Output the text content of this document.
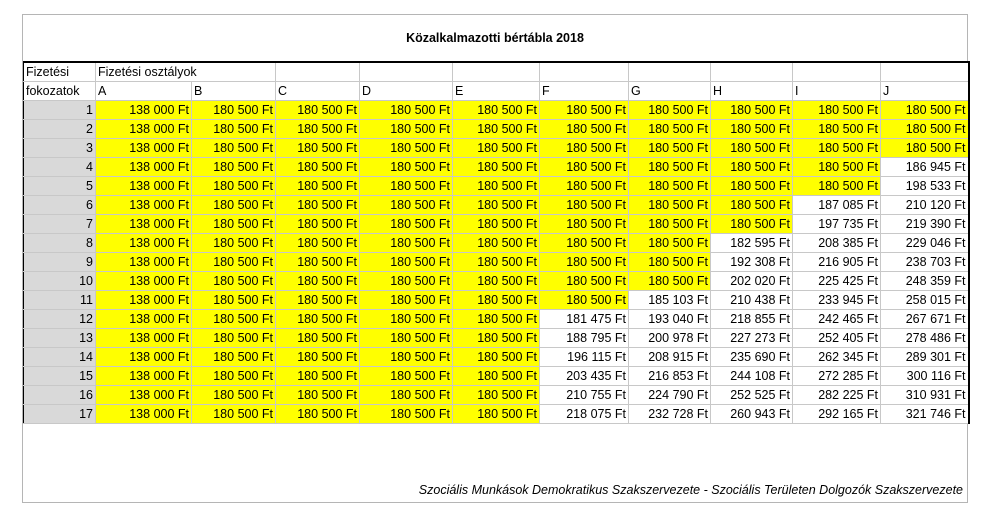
Közalkalmazotti bértábla 2018
Fizetési	Fizetési osztályok									
fokozatok	A	B	C	D	E	F	G	H	I	J
1	138 000 Ft	180 500 Ft	180 500 Ft	180 500 Ft	180 500 Ft	180 500 Ft	180 500 Ft	180 500 Ft	180 500 Ft	180 500 Ft
2	138 000 Ft	180 500 Ft	180 500 Ft	180 500 Ft	180 500 Ft	180 500 Ft	180 500 Ft	180 500 Ft	180 500 Ft	180 500 Ft
3	138 000 Ft	180 500 Ft	180 500 Ft	180 500 Ft	180 500 Ft	180 500 Ft	180 500 Ft	180 500 Ft	180 500 Ft	180 500 Ft
4	138 000 Ft	180 500 Ft	180 500 Ft	180 500 Ft	180 500 Ft	180 500 Ft	180 500 Ft	180 500 Ft	180 500 Ft	186 945 Ft
5	138 000 Ft	180 500 Ft	180 500 Ft	180 500 Ft	180 500 Ft	180 500 Ft	180 500 Ft	180 500 Ft	180 500 Ft	198 533 Ft
6	138 000 Ft	180 500 Ft	180 500 Ft	180 500 Ft	180 500 Ft	180 500 Ft	180 500 Ft	180 500 Ft	187 085 Ft	210 120 Ft
7	138 000 Ft	180 500 Ft	180 500 Ft	180 500 Ft	180 500 Ft	180 500 Ft	180 500 Ft	180 500 Ft	197 735 Ft	219 390 Ft
8	138 000 Ft	180 500 Ft	180 500 Ft	180 500 Ft	180 500 Ft	180 500 Ft	180 500 Ft	182 595 Ft	208 385 Ft	229 046 Ft
9	138 000 Ft	180 500 Ft	180 500 Ft	180 500 Ft	180 500 Ft	180 500 Ft	180 500 Ft	192 308 Ft	216 905 Ft	238 703 Ft
10	138 000 Ft	180 500 Ft	180 500 Ft	180 500 Ft	180 500 Ft	180 500 Ft	180 500 Ft	202 020 Ft	225 425 Ft	248 359 Ft
11	138 000 Ft	180 500 Ft	180 500 Ft	180 500 Ft	180 500 Ft	180 500 Ft	185 103 Ft	210 438 Ft	233 945 Ft	258 015 Ft
12	138 000 Ft	180 500 Ft	180 500 Ft	180 500 Ft	180 500 Ft	181 475 Ft	193 040 Ft	218 855 Ft	242 465 Ft	267 671 Ft
13	138 000 Ft	180 500 Ft	180 500 Ft	180 500 Ft	180 500 Ft	188 795 Ft	200 978 Ft	227 273 Ft	252 405 Ft	278 486 Ft
14	138 000 Ft	180 500 Ft	180 500 Ft	180 500 Ft	180 500 Ft	196 115 Ft	208 915 Ft	235 690 Ft	262 345 Ft	289 301 Ft
15	138 000 Ft	180 500 Ft	180 500 Ft	180 500 Ft	180 500 Ft	203 435 Ft	216 853 Ft	244 108 Ft	272 285 Ft	300 116 Ft
16	138 000 Ft	180 500 Ft	180 500 Ft	180 500 Ft	180 500 Ft	210 755 Ft	224 790 Ft	252 525 Ft	282 225 Ft	310 931 Ft
17	138 000 Ft	180 500 Ft	180 500 Ft	180 500 Ft	180 500 Ft	218 075 Ft	232 728 Ft	260 943 Ft	292 165 Ft	321 746 Ft
Szociális Munkások Demokratikus Szakszervezete - Szociális Területen Dolgozók Szakszervezete
